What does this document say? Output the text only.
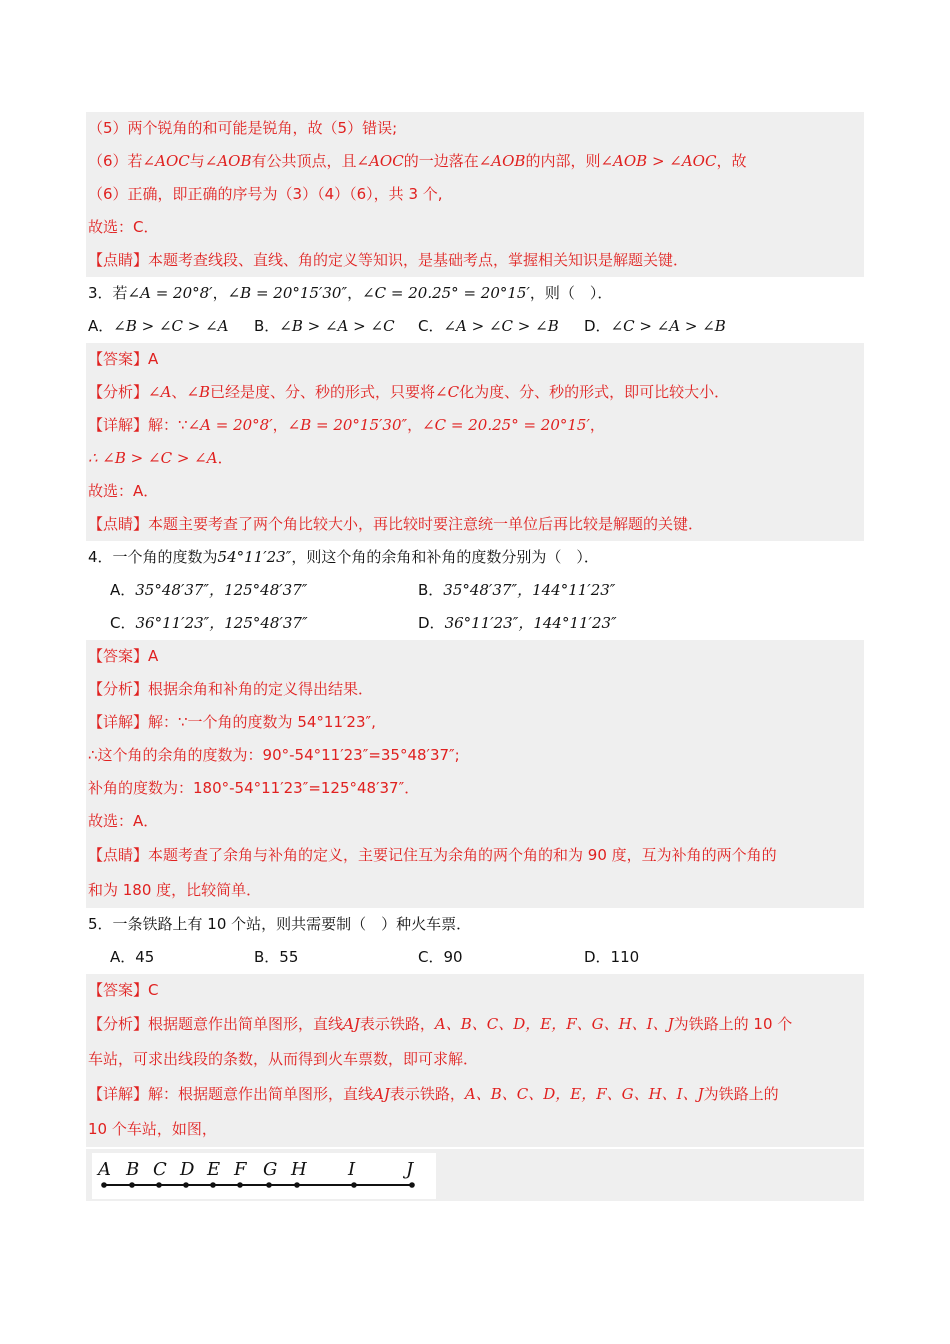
（5）两个锐角的和可能是锐角，故（5）错误;
（6）若∠AOC与∠AOB有公共顶点，且∠AOC的一边落在∠AOB的内部，则∠AOB > ∠AOC，故
（6）正确，即正确的序号为（3）（4）（6），共 3 个,
故选：C．
【点睛】本题考查线段、直线、角的定义等知识，是基础考点，掌握相关知识是解题关键．
3．若∠A = 20°8′，∠B = 20°15′30″，∠C = 20.25° = 20°15′，则（　）．
A．∠B > ∠C > ∠A B．∠B > ∠A > ∠C C．∠A > ∠C > ∠B D．∠C > ∠A > ∠B
【答案】A
【分析】∠A、∠B已经是度、分、秒的形式，只要将∠C化为度、分、秒的形式，即可比较大小．
【详解】解：∵∠A = 20°8′，∠B = 20°15′30″，∠C = 20.25° = 20°15′，
∴ ∠B > ∠C > ∠A．
故选：A．
【点睛】本题主要考查了两个角比较大小，再比较时要注意统一单位后再比较是解题的关键．
4．一个角的度数为54°11′23″，则这个角的余角和补角的度数分别为（　）．
A．35°48′37″，125°48′37″	B．35°48′37″，144°11′23″
C．36°11′23″，125°48′37″	D．36°11′23″，144°11′23″
【答案】A
【分析】根据余角和补角的定义得出结果．
【详解】解：∵一个角的度数为 54°11′23″,
∴这个角的余角的度数为：90°-54°11′23″=35°48′37″;
补角的度数为：180°-54°11′23″=125°48′37″．
故选：A．
【点睛】本题考查了余角与补角的定义，主要记住互为余角的两个角的和为 90 度，互为补角的两个角的
和为 180 度，比较简单．
5．一条铁路上有 10 个站，则共需要制（　）种火车票．
A．45	B．55	C．90	D．110
【答案】C
【分析】根据题意作出简单图形，直线AJ表示铁路，A、B、C、D，E，F、G、H、I、J为铁路上的 10 个
车站，可求出线段的条数，从而得到火车票数，即可求解．
【详解】解：根据题意作出简单图形，直线AJ表示铁路，A、B、C、D，E，F、G、H、I、J为铁路上的
10 个车站，如图，
A B C D E F G H I	J
